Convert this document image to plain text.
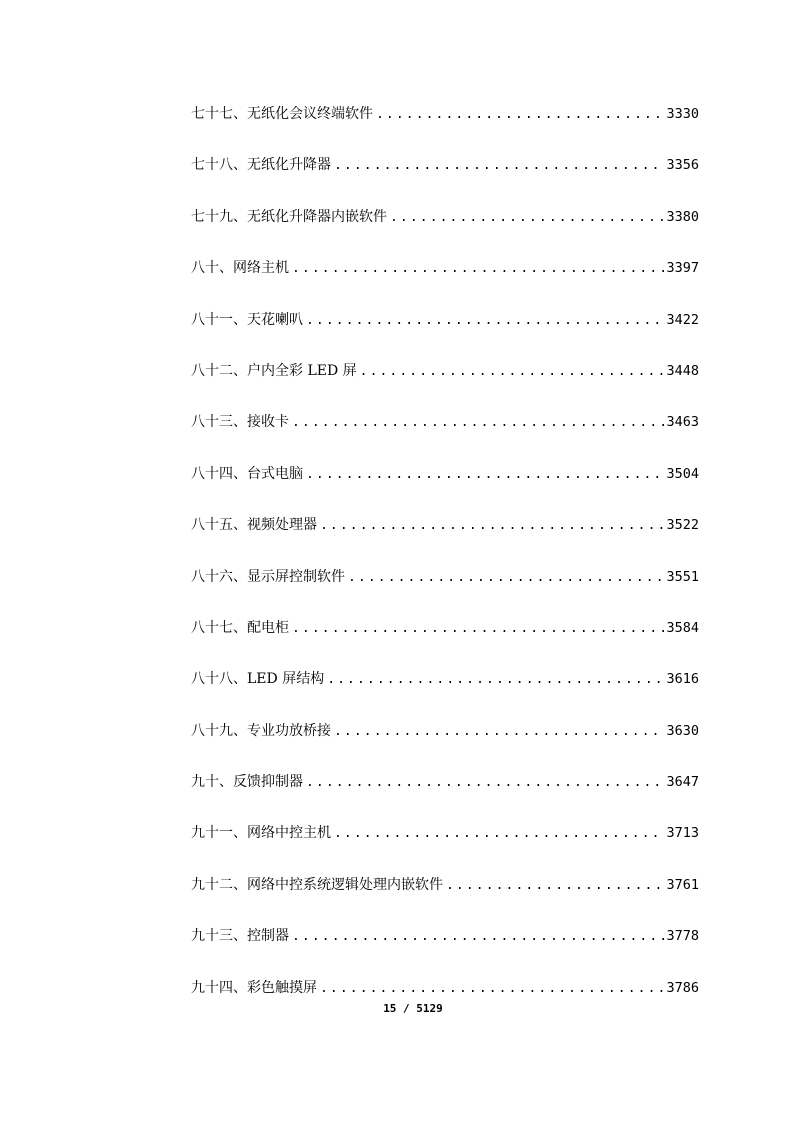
七十七、无纸化会议终端软件 .....	3330
七十八、无纸化升降器 .....	3356
七十九、无纸化升降器内嵌软件 .....	3380
八十、网络主机 .....	3397
八十一、天花喇叭 .....	3422
八十二、户内全彩 LED 屏 .....	3448
八十三、接收卡 .....	3463
八十四、台式电脑 .....	3504
八十五、视频处理器 .....	3522
八十六、显示屏控制软件 .....	3551
八十七、配电柜 .....	3584
八十八、LED 屏结构 .....	3616
八十九、专业功放桥接 .....	3630
九十、反馈抑制器 .....	3647
九十一、网络中控主机 .....	3713
九十二、网络中控系统逻辑处理内嵌软件 .....	3761
九十三、控制器 .....	3778
九十四、彩色触摸屏 .....	3786
15 / 5129
